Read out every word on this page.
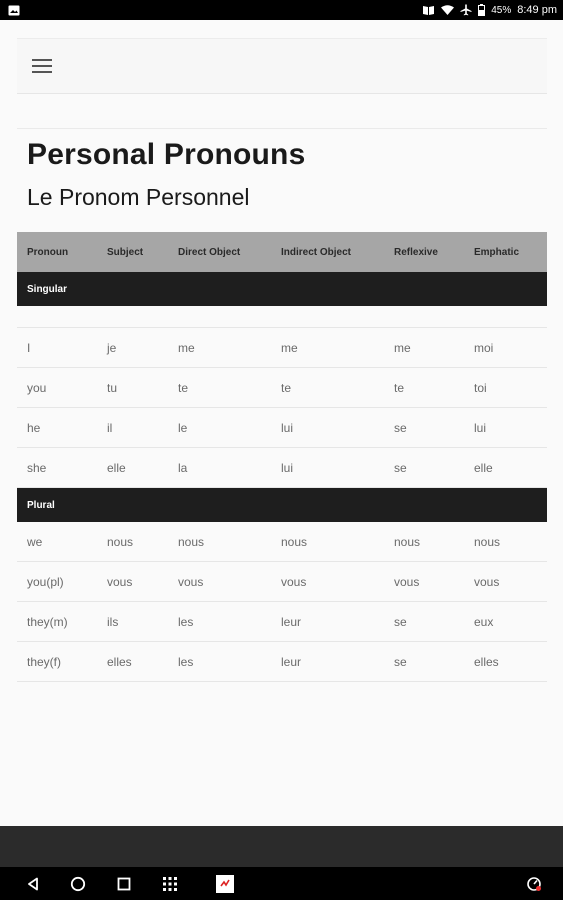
45% 8:49 pm
Personal Pronouns
Le Pronom Personnel
Pronoun	Subject	Direct Object	Indirect Object	Reflexive	Emphatic
Singular
I	je	me	me	me	moi
you	tu	te	te	te	toi
he	il	le	lui	se	lui
she	elle	la	lui	se	elle
Plural
we	nous	nous	nous	nous	nous
you(pl)	vous	vous	vous	vous	vous
they(m)	ils	les	leur	se	eux
they(f)	elles	les	leur	se	elles
